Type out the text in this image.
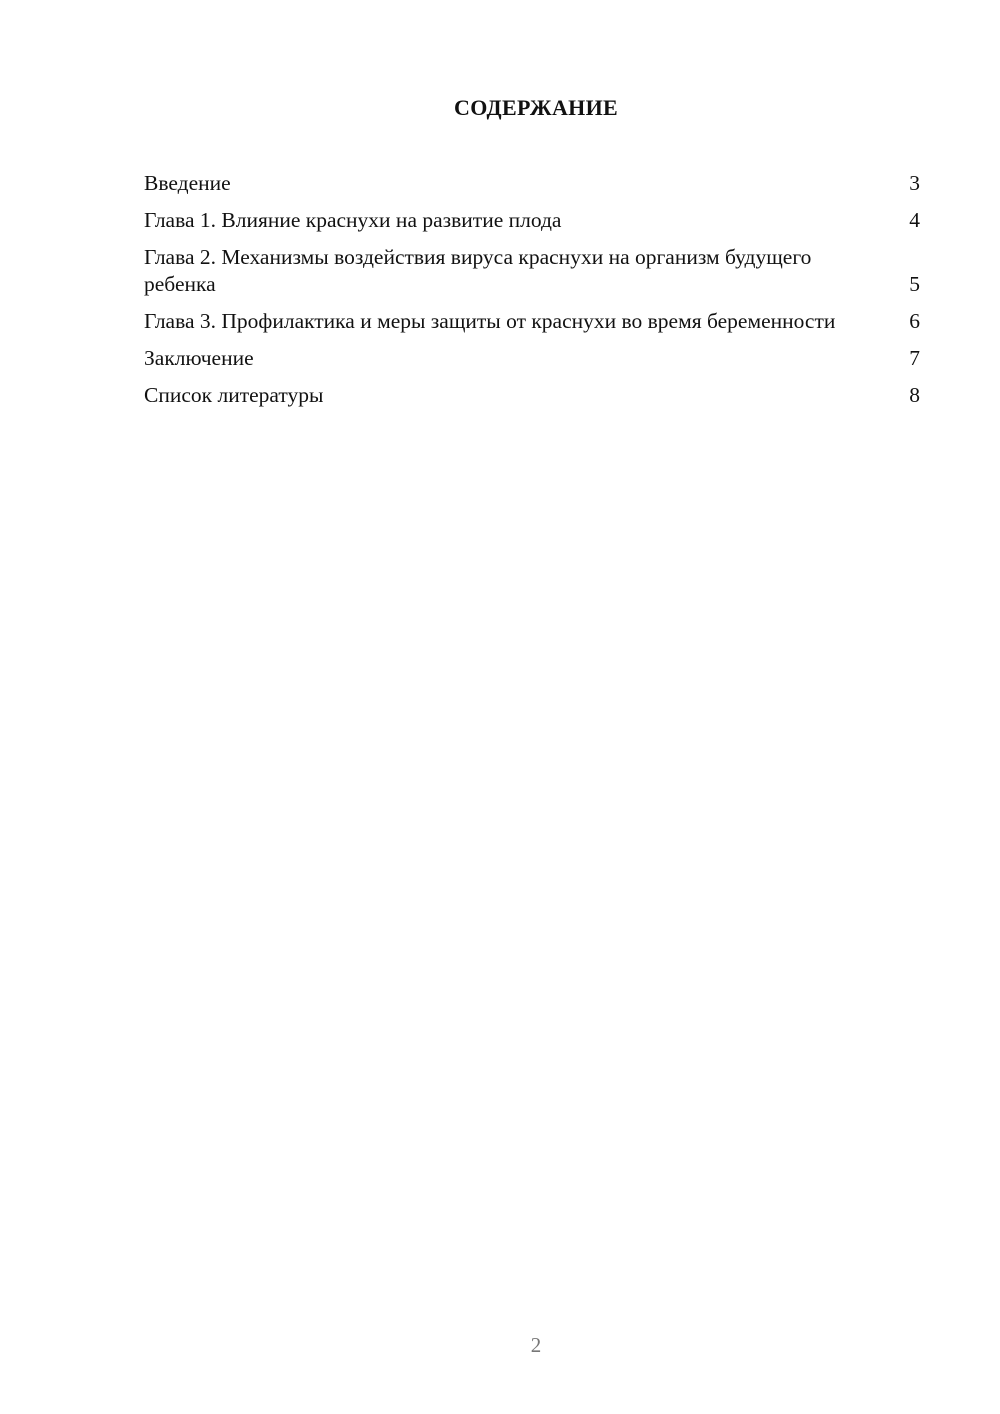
СОДЕРЖАНИЕ
Введение	3
Глава 1. Влияние краснухи на развитие плода	4
Глава 2. Механизмы воздействия вируса краснухи на организм будущего ребенка	5
Глава 3. Профилактика и меры защиты от краснухи во время беременности	6
Заключение	7
Список литературы	8
2
